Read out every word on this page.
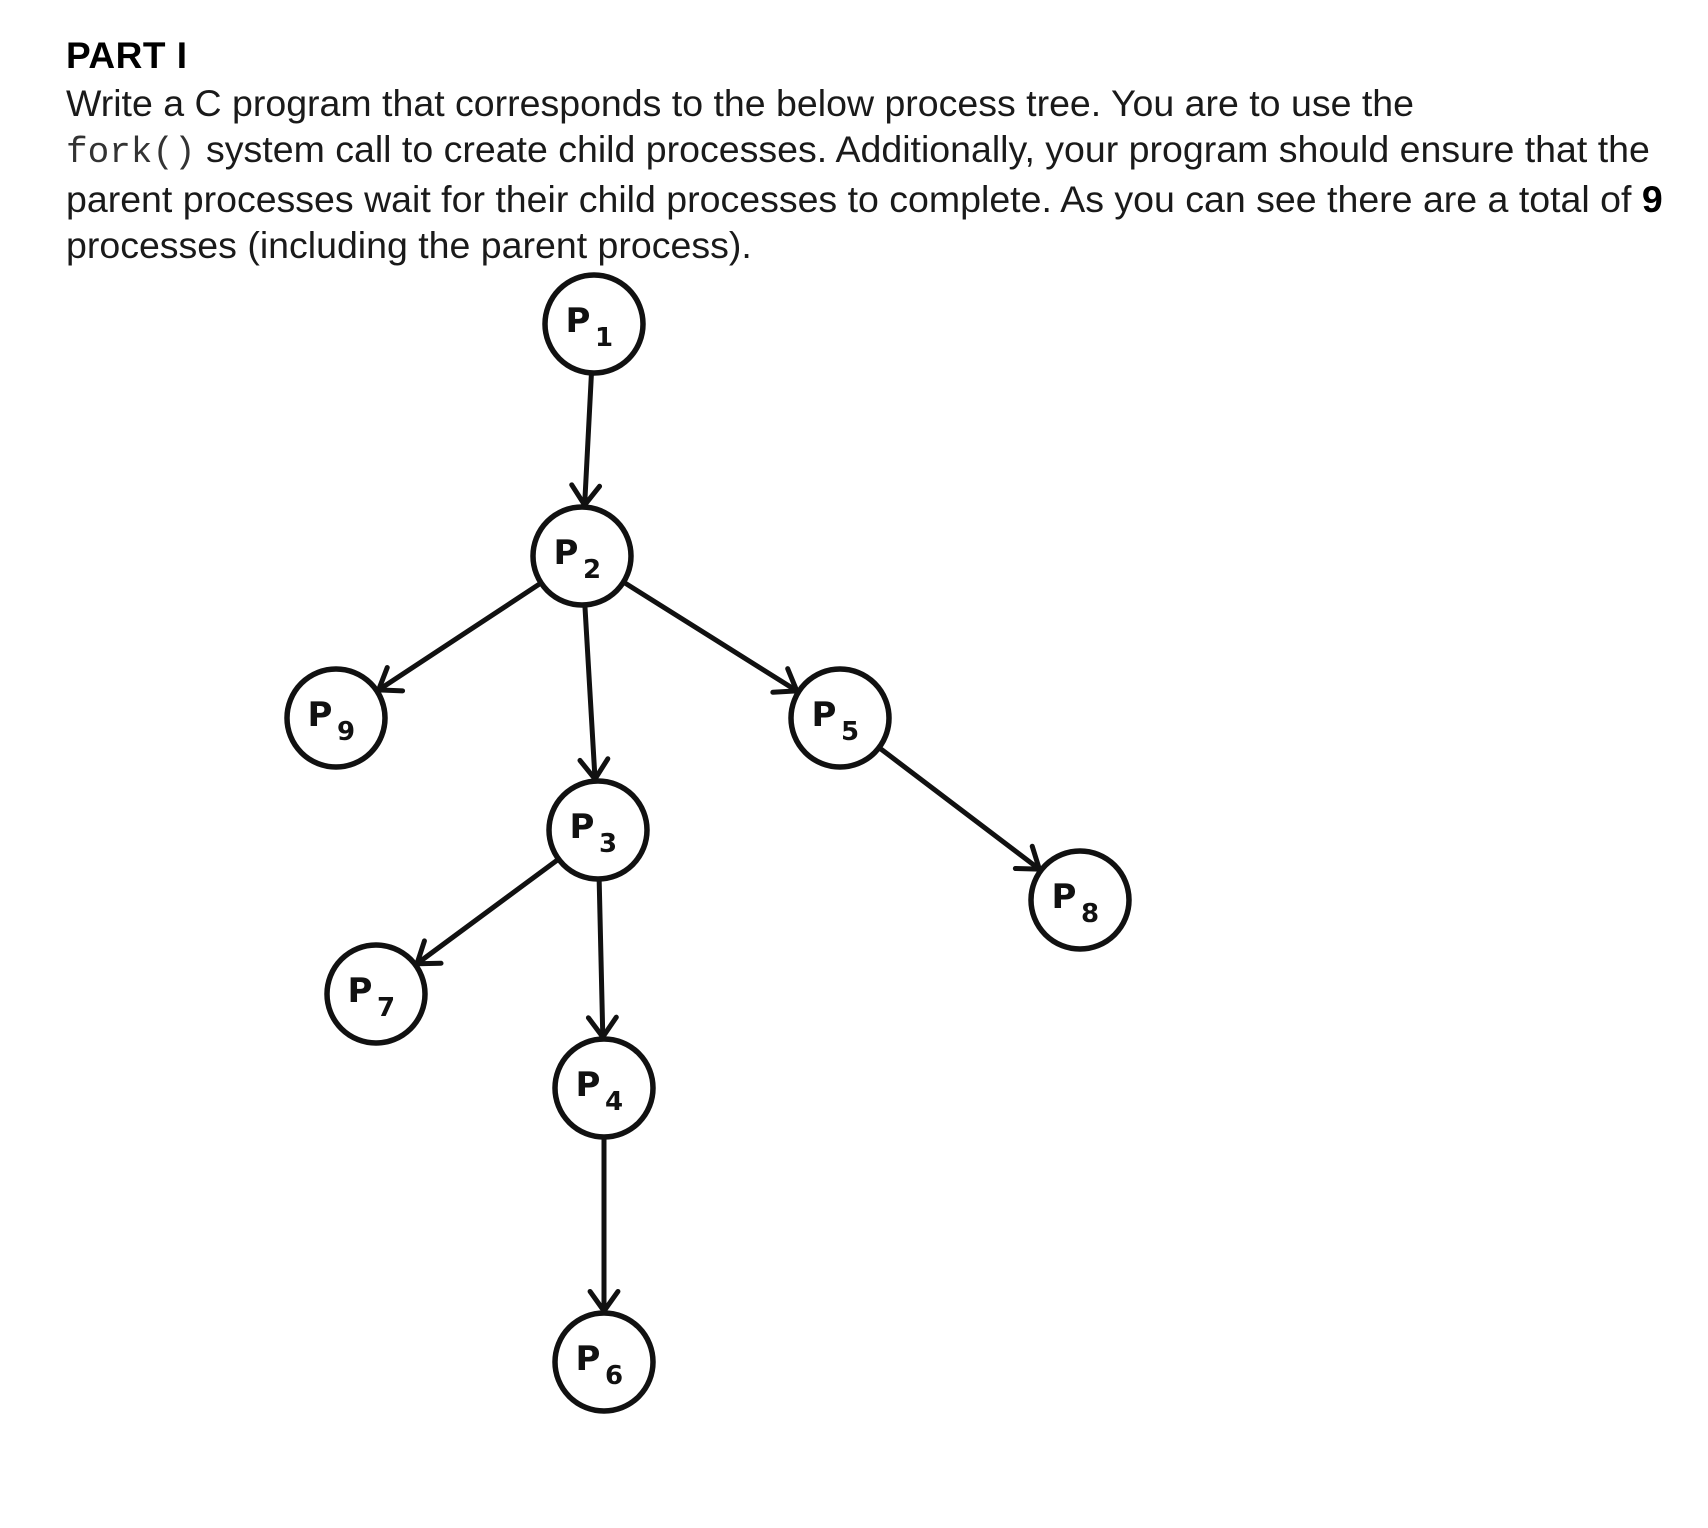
PART I

Write a C program that corresponds to the below process tree. You are to use the
fork() system call to create child processes. Additionally, your program should ensure that the parent processes wait for their child processes to complete. As you can see there are a total of 9 processes (including the parent process).

P 1
P 2
P 9	P 5
P 3
P 8
P 7
P 4
P 6
